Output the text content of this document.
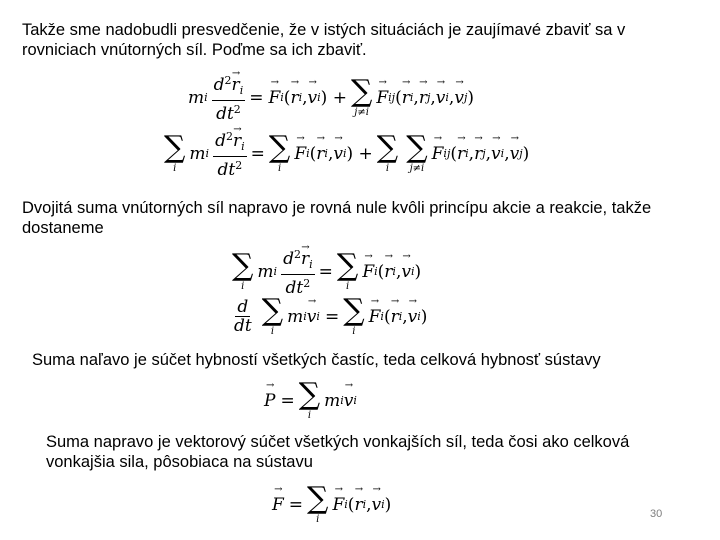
Takže sme nadobudli presvedčenie, že v istých situáciách je zaujímavé zbaviť sa v rovniciach vnútorných síl. Poďme sa ich zbaviť.

m i $\frac{d^2\to r_i}{dt^2}$ = → F i ( → r i , → v i ) + ∑
j≠i
→ F ij ( → r i , → r j , → v i , → v j )
∑
i
m i $\frac{d^2\to r_i}{dt^2}$ = ∑
i
→ F i ( → r i , → v i ) + ∑
i
∑
j≠i
→ F ij ( → r i , → r j , → v i , → v j )

Dvojitá suma vnútorných síl napravo je rovná nule kvôli princípu akcie a reakcie, takže dostaneme

∑
i
m i $\frac{d^2\to r_i}{dt^2}$ = ∑
i
→ F i ( → r i , → v i )
$\frac{d}{dt}$ ∑
i
m i → v i = ∑
i
→ F i ( → r i , → v i )

Suma naľavo je súčet hybností všetkých častíc, teda celková hybnosť sústavy

→ P = ∑
i
m i → v i

Suma napravo je vektorový súčet všetkých vonkajších síl, teda čosi ako celková vonkajšia sila, pôsobiaca na sústavu

→ F = ∑
i
→ F i ( → r i , → v i )	30
